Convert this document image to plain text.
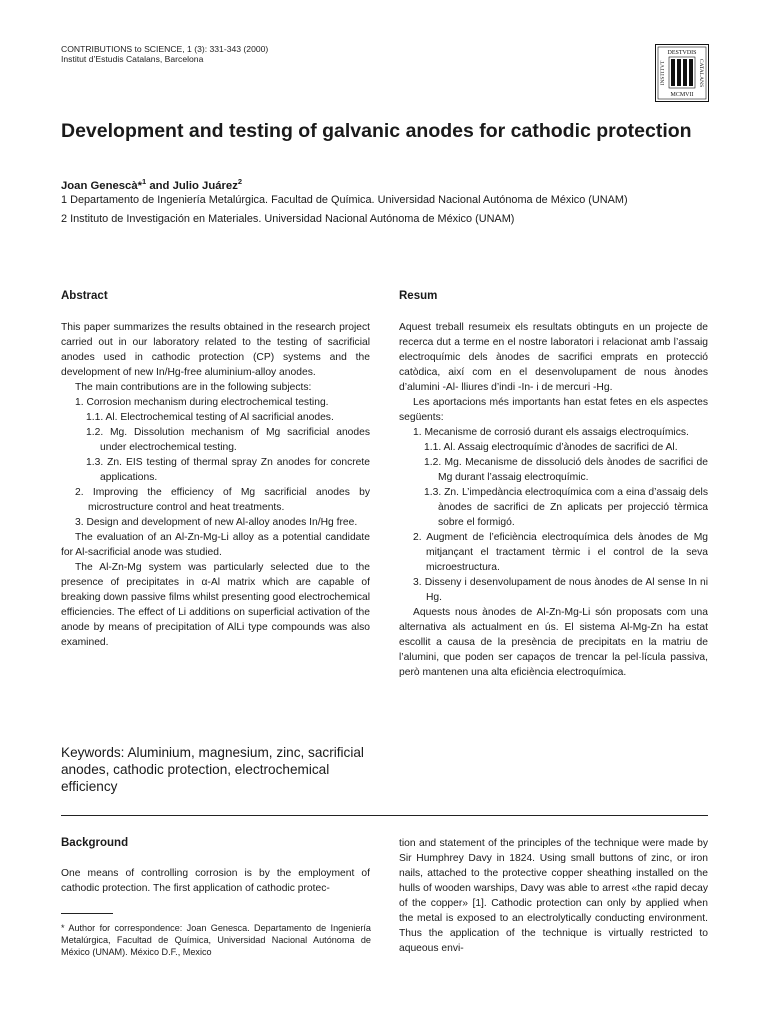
CONTRIBUTIONS to SCIENCE, 1 (3): 331-343 (2000)
Institut d’Estudis Catalans, Barcelona
DESTVDIS
MCMVII
INSTITVT	CATALANS
Development and testing of galvanic anodes for cathodic protection
Joan Genescà*$^1$ and Julio Juárez$^2$
1 Departamento de Ingeniería Metalúrgica. Facultad de Química. Universidad Nacional Autónoma de México (UNAM)
2 Instituto de Investigación en Materiales. Universidad Nacional Autónoma de México (UNAM)
Abstract

This paper summarizes the results obtained in the research project carried out in our laboratory related to the testing of sacrificial anodes used in cathodic protection (CP) systems and the development of new In/Hg-free aluminium-alloy anodes.

The main contributions are in the following subjects:

1. Corrosion mechanism during electrochemical testing.

1.1. Al. Electrochemical testing of Al sacrificial anodes.

1.2. Mg. Dissolution mechanism of Mg sacrificial anodes under electrochemical testing.

1.3. Zn. EIS testing of thermal spray Zn anodes for concrete applications.

2. Improving the efficiency of Mg sacrificial anodes by microstructure control and heat treatments.

3. Design and development of new Al-alloy anodes In/Hg free.

The evaluation of an Al-Zn-Mg-Li alloy as a potential candidate for Al-sacrificial anode was studied.

The Al-Zn-Mg system was particularly selected due to the presence of precipitates in α-Al matrix which are capable of breaking down passive films whilst presenting good electrochemical efficiencies. The effect of Li additions on superficial activation of the anode by means of precipitation of AlLi type compounds was also examined.

Resum

Aquest treball resumeix els resultats obtinguts en un projecte de recerca dut a terme en el nostre laboratori i relacionat amb l’assaig electroquímic dels ànodes de sacrifici emprats en protecció catòdica, així com en el desenvolupament de nous ànodes d’alumini -Al- lliures d’indi -In- i de mercuri -Hg.

Les aportacions més importants han estat fetes en els aspectes següents:

1. Mecanisme de corrosió durant els assaigs electroquímics.

1.1. Al. Assaig electroquímic d’ànodes de sacrifici de Al.

1.2. Mg. Mecanisme de dissolució dels ànodes de sacrifici de Mg durant l’assaig electroquímic.

1.3. Zn. L’impedància electroquímica com a eina d’assaig dels ànodes de sacrifici de Zn aplicats per projecció tèrmica sobre el formigó.

2. Augment de l’eficiència electroquímica dels ànodes de Mg mitjançant el tractament tèrmic i el control de la seva microestructura.

3. Disseny i desenvolupament de nous ànodes de Al sense In ni Hg.

Aquests nous ànodes de Al-Zn-Mg-Li són proposats com una alternativa als actualment en ús. El sistema Al-Mg-Zn ha estat escollit a causa de la presència de precipitats en la matriu de l’alumini, que poden ser capaços de trencar la pel·lícula passiva, però mantenen una alta eficiència electroquímica.

Keywords: Aluminium, magnesium, zinc, sacrificial anodes, cathodic protection, electrochemical efficiency
Background
One means of controlling corrosion is by the employment of cathodic protection. The first application of cathodic protec-
tion and statement of the principles of the technique were made by Sir Humphrey Davy in 1824. Using small buttons of zinc, or iron nails, attached to the protective copper sheathing installed on the hulls of wooden warships, Davy was able to arrest «the rapid decay of the copper» [1]. Cathodic protection can only by applied when the metal is exposed to an electrolytically conducting environment. Thus the application of the technique is virtually restricted to aqueous envi-
* Author for correspondence: Joan Genesca. Departamento de Ingeniería Metalúrgica, Facultad de Química, Universidad Nacional Autónoma de México (UNAM). México D.F., Mexico
